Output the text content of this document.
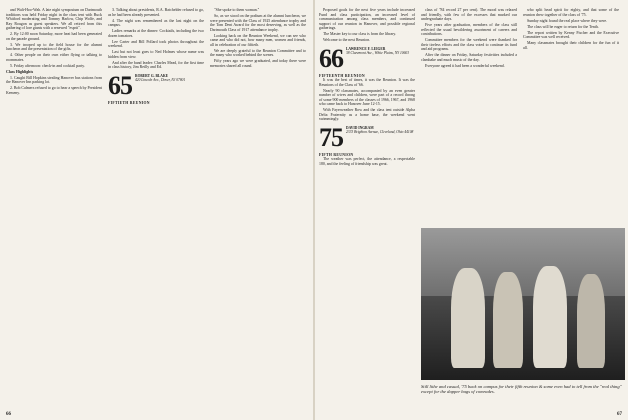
and Walt-Hoo-Wah. A late night symposium on Dartmouth traditions was held Friday night in the class tent with Buck Whitford moderating and Tommy Harlow, Chip Wolfe, and Ray Rougon as guest speakers. We all retired from this gathering of lore giants with a renewed "esprit".

2. By 12:00 noon Saturday, more heat had been generated on the parade ground.

3. We trooped up to the field house for the alumni luncheon and the presentation of the gifts.

4. Other people on their own either flying or talking to roommates.

5. Friday afternoon: check-in and cocktail party.

Class Highlights

1. Caught Bill Hopkins stealing Hanover bus stations from the Hanover Inn parking lot.

2. Bob Calmers refused to go to hear a speech by President Kemeny.

3. Talking about presidents, R.A. Batchelder refused to go, as he had been already presented.

4. The night was remembered as the last night on the campus.

Ladies remarks at the dinner: Cocktails, including the two dozen tomatoes.

Lee Carter and Bill Pollard took photos throughout the weekend.

Last but not least goes to Ned Holmes whose name was hidden from view.

And after the band leader: Charles Mead, for the first time in class history, Jim Reilly and Ed.

65 ROBERT G. BLAKE
420 Lincoln Ave., Dover, NJ 07801
FIFTIETH REUNION

"She spoke to them woman."

So, as we stood on the podium at the alumni luncheon, we were presented with the Class of 1925 attendance trophy and the Tom Dent Award for the most deserving, as well as the Dartmouth Class of 1917 attendance trophy.

Looking back on the Reunion Weekend, we can see who came and who did not, how many men, women and friends, all in celebration of our fiftieth.

We are deeply grateful to the Reunion Committee and to the many who worked behind the scenes.

Fifty years ago we were graduated, and today there were memories shared all round.

66

Proposed goals for the next five years include increased Fund and class participation, an increased level of communication among class members, and continued support of our reunion in Hanover, and possible regional gatherings.

The Master key to our class is from the library.

Welcome to the next Reunion.

66 LAWRENCE F. LEIGER
38 Claremont Ave., White Plains, NY 10603
FIFTEENTH REUNION

It was the best of times, it was the Reunion. It was the Reunions of the Class of '66.

Nearly 90 classmates, accompanied by an even greater number of wives and children, were part of a record throng of some 900 members of the classes of 1966, 1967, and 1968 who came back to Hanover June 12-15.

With Fayerweather Row and the class tent outside Alpha Delta Fraternity as a home base, the weekend went swimmingly.

75 DAVID INGRAM
2333 Brighton Avenue, Cleveland, Ohio 44108
FIFTH REUNION

The weather was perfect, the attendance, a respectable 180, and the feeling of friendship was great.

class of "84 record 27 per cent). The mood was relaxed and friendly, with few of the excesses that marked our undergraduate days.

Five years after graduation, members of the class still reflected the usual bewildering assortment of careers and contributions.

Committee members for the weekend were thanked for their tireless efforts and the class voted to continue its fund and aid programs.

After the dinner on Friday, Saturday festivities included a clambake and much music of the day.

Everyone agreed it had been a wonderful weekend.

who split head spirit for eighty, and that some of the reunion drew together of the class of '75.

Sunday night found the real place where they were.

The class will be eager to return for the Tenth.

The report written by Kenny Fischer and the Executive Committee was well received.

Many classmates brought their children for the fun of it all.

Still lithe and casual, '75 back on campus for their fifth reunion & some even had to tell from the "real thing" except for the dapper bags of comrades.
67
